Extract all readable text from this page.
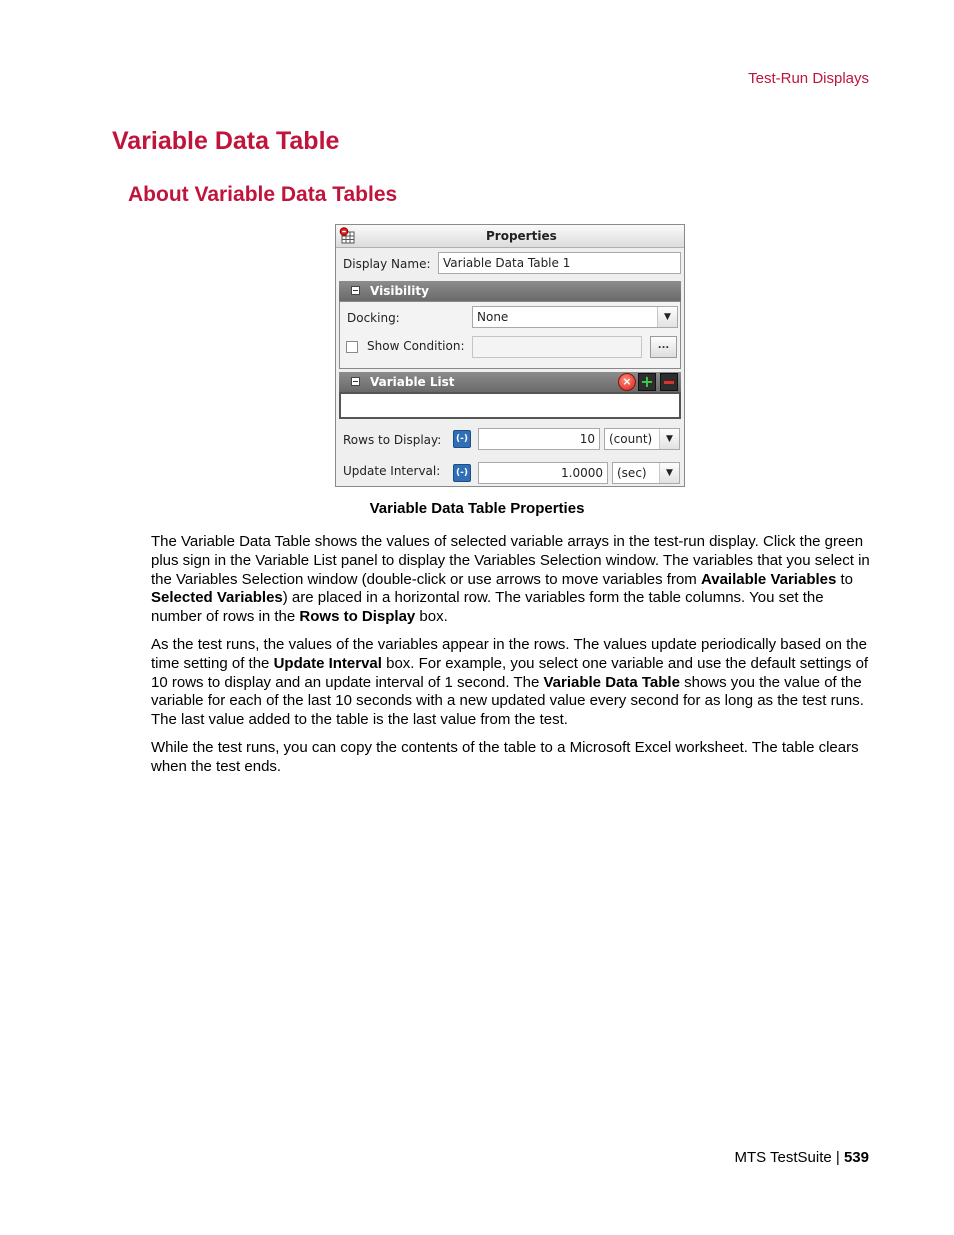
Test-Run Displays
Variable Data Table
About Variable Data Tables
Properties
Display Name:	Variable Data Table 1
Visibility
Docking:	None	▼
Show Condition:	...
Variable List	× +
Rows to Display:	(-)	10	(count)	▼
Update Interval:	(-)	1.0000	(sec)	▼

Variable Data Table Properties

The Variable Data Table shows the values of selected variable arrays in the test-run display. Click the green plus sign in the Variable List panel to display the Variables Selection window. The variables that you select in the Variables Selection window (double-click or use arrows to move variables from Available Variables to Selected Variables) are placed in a horizontal row. The variables form the table columns. You set the number of rows in the Rows to Display box.

As the test runs, the values of the variables appear in the rows. The values update periodically based on the time setting of the Update Interval box. For example, you select one variable and use the default settings of 10 rows to display and an update interval of 1 second. The Variable Data Table shows you the value of the variable for each of the last 10 seconds with a new updated value every second for as long as the test runs. The last value added to the table is the last value from the test.

While the test runs, you can copy the contents of the table to a Microsoft Excel worksheet. The table clears when the test ends.

MTS TestSuite | 539
